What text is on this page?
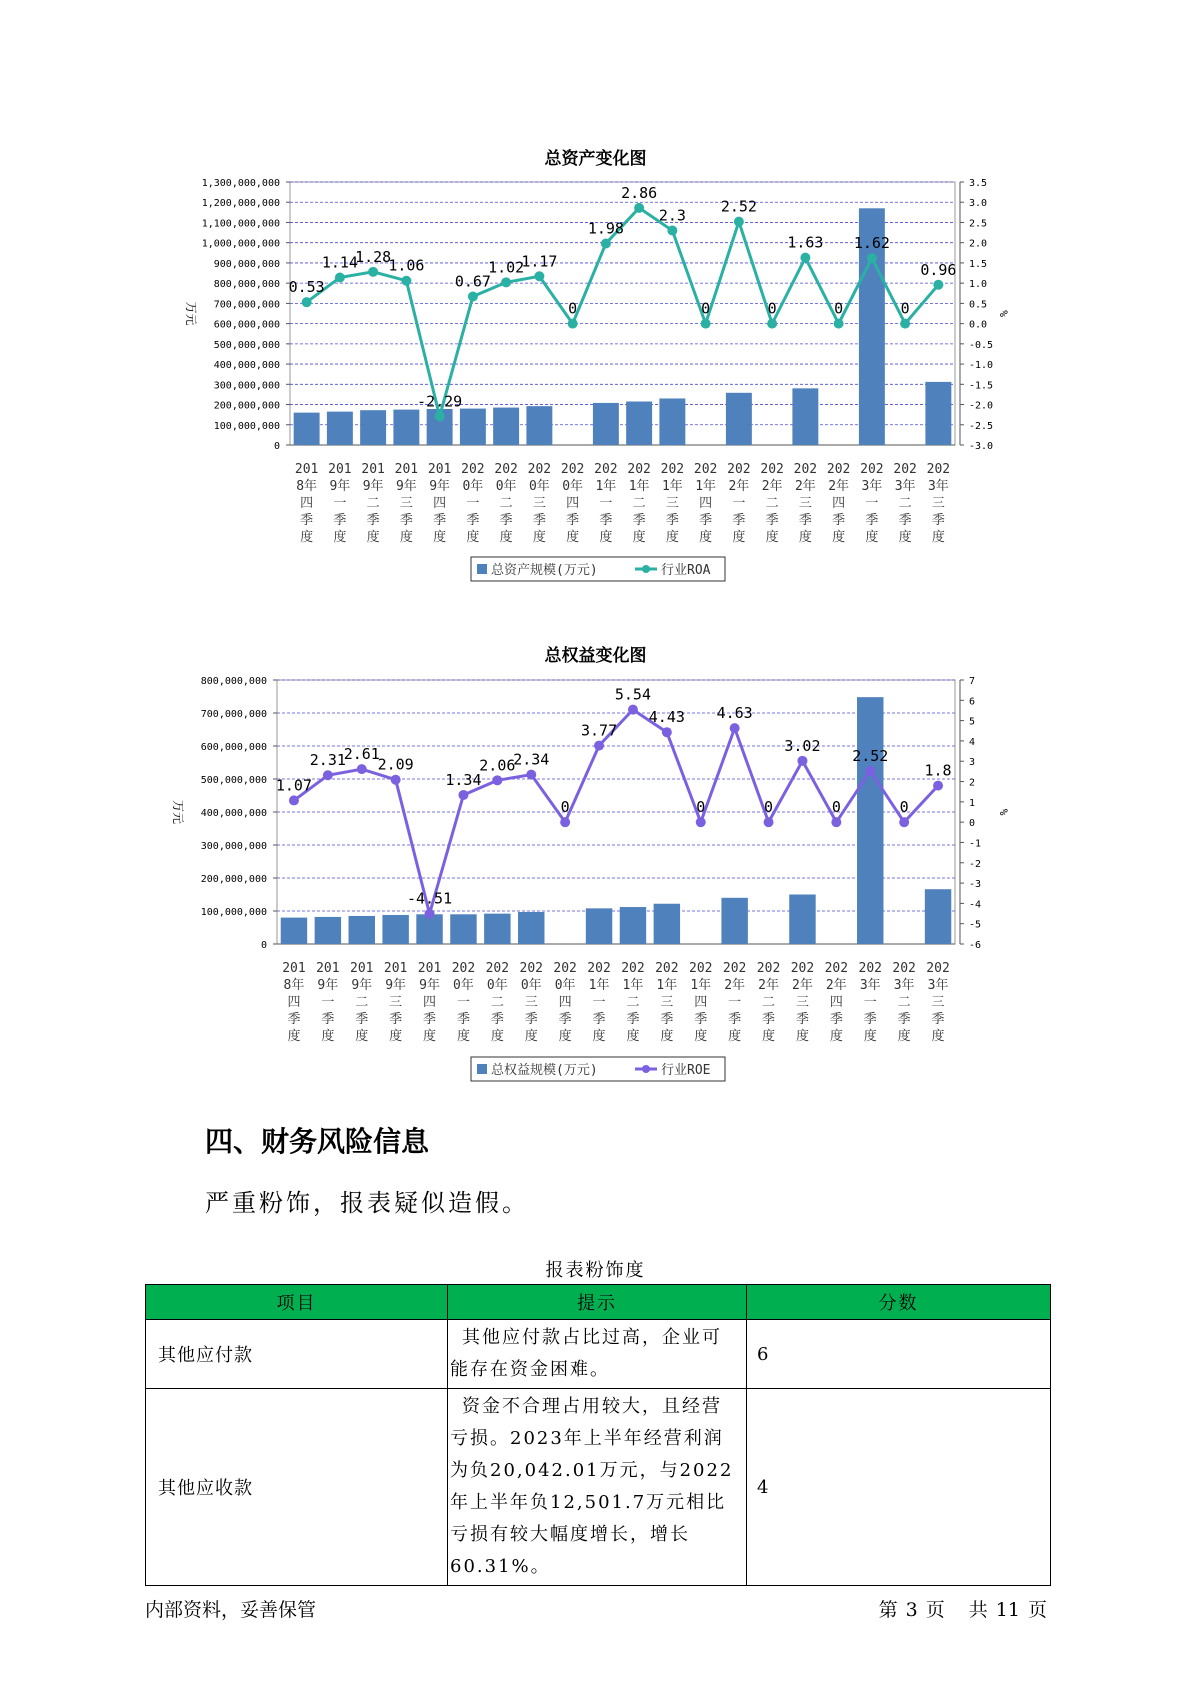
总资产变化图
0
100,000,000
200,000,000
300,000,000
400,000,000
500,000,000
600,000,000
700,000,000
800,000,000
900,000,000
1,000,000,000
1,100,000,000
1,200,000,000
1,300,000,000
-3.0
-2.5
-2.0
-1.5
-1.0
-0.5
0.0
0.5
1.0
1.5
2.0
2.5
3.0
3.5
万元	%
201
8年
四
季
度
201
9年
一
季
度
201
9年
二
季
度
201
9年
三
季
度
201
9年
四
季
度
202
0年
一
季
度
202
0年
二
季
度
202
0年
三
季
度
202
0年
四
季
度
202
1年
一
季
度
202
1年
二
季
度
202
1年
三
季
度
202
1年
四
季
度
202
2年
一
季
度
202
2年
二
季
度
202
2年
三
季
度
202
2年
四
季
度
202
3年
一
季
度
202
3年
二
季
度
202
3年
三
季
度
0.53
1.14
1.28
1.06
-2.29
0.67
1.02
1.17
0
1.98
2.86
2.3
0
2.52
0
1.63
0
1.62
0
0.96
总资产规模(万元)	行业ROA
总权益变化图
0
100,000,000
200,000,000
300,000,000
400,000,000
500,000,000
600,000,000
700,000,000
800,000,000
-6
-5
-4
-3
-2
-1
0
1
2
3
4
5
6
7
万元	%
201
8年
四
季
度
201
9年
一
季
度
201
9年
二
季
度
201
9年
三
季
度
201
9年
四
季
度
202
0年
一
季
度
202
0年
二
季
度
202
0年
三
季
度
202
0年
四
季
度
202
1年
一
季
度
202
1年
二
季
度
202
1年
三
季
度
202
1年
四
季
度
202
2年
一
季
度
202
2年
二
季
度
202
2年
三
季
度
202
2年
四
季
度
202
3年
一
季
度
202
3年
二
季
度
202
3年
三
季
度
1.07
2.31
2.61
2.09
-4.51
1.34
2.06
2.34
0
3.77
5.54
4.43
0
4.63
0
3.02
0
2.52
0
1.8
总权益规模(万元)	行业ROE
四、财务风险信息
严重粉饰，报表疑似造假。
报表粉饰度
项目	提示	分数
其他应付款	其他应付款占比过高，企业可能存在资金困难。	6
其他应收款	资金不合理占用较大，且经营亏损。2023年上半年经营利润为负20,042.01万元，与2022年上半年负12,501.7万元相比亏损有较大幅度增长，增长60.31%。	4
内部资料，妥善保管	第 3 页 共 11 页
